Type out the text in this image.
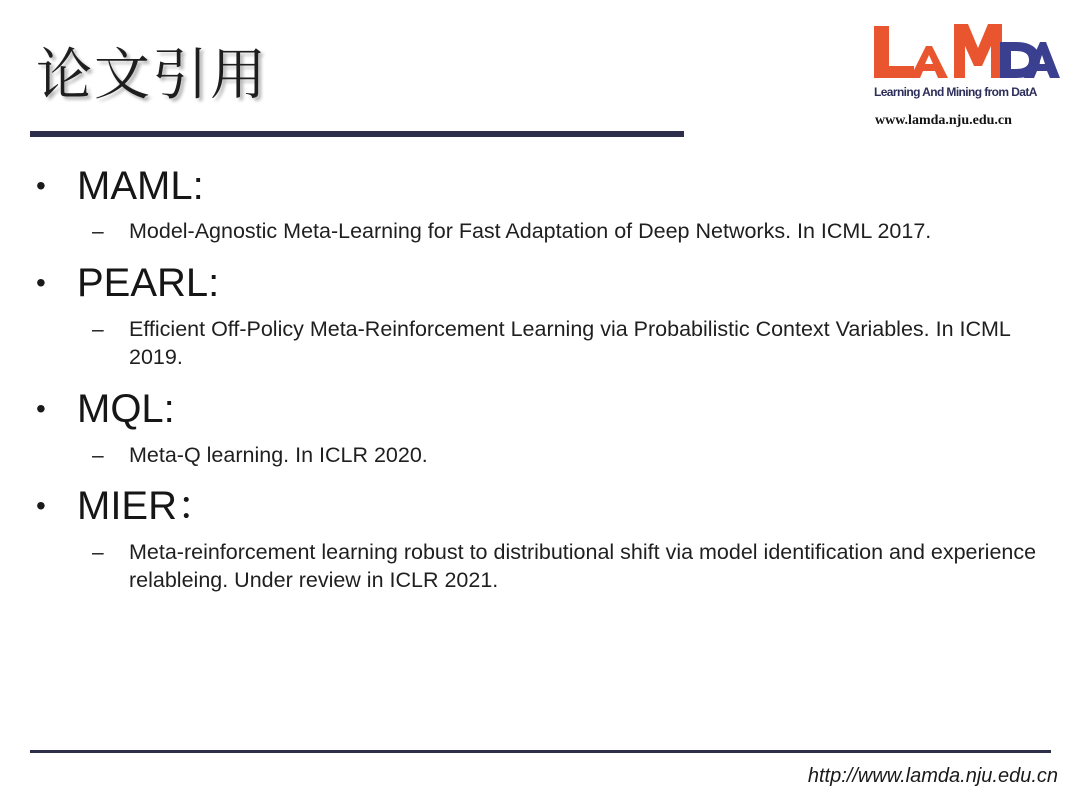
论文引用	Learning And Mining from DatA
www.lamda.nju.edu.cn
• MAML:
– Model-Agnostic Meta-Learning for Fast Adaptation of Deep Networks. In ICML 2017.
• PEARL:
– Efficient Off-Policy Meta-Reinforcement Learning via Probabilistic Context Variables. In ICML 2019.
• MQL:
– Meta-Q learning. In ICLR 2020.
• MIER：
– Meta-reinforcement learning robust to distributional shift via model identification and experience relableing. Under review in ICLR 2021.
http://www.lamda.nju.edu.cn
